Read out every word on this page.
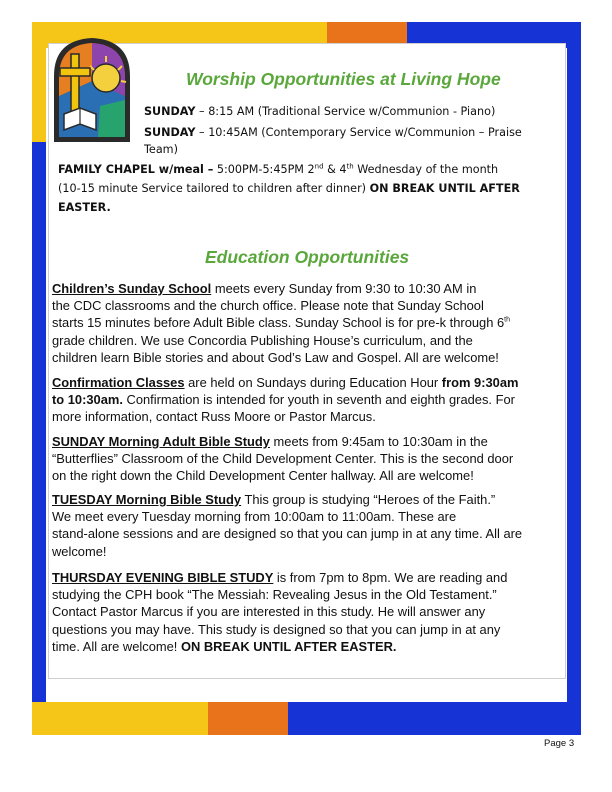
Worship Opportunities at Living Hope
SUNDAY – 8:15 AM (Traditional Service w/Communion - Piano)
SUNDAY – 10:45AM (Contemporary Service w/Communion – Praise
Team)
FAMILY CHAPEL w/meal – 5:00PM-5:45PM 2nd & 4th Wednesday of the month
(10-15 minute Service tailored to children after dinner) ON BREAK UNTIL AFTER
EASTER.
Education Opportunities
Children’s Sunday School meets every Sunday from 9:30 to 10:30 AM in
the CDC classrooms and the church office. Please note that Sunday School
starts 15 minutes before Adult Bible class. Sunday School is for pre-k through 6th
grade children. We use Concordia Publishing House’s curriculum, and the
children learn Bible stories and about God’s Law and Gospel. All are welcome!
Confirmation Classes are held on Sundays during Education Hour from 9:30am
to 10:30am. Confirmation is intended for youth in seventh and eighth grades. For
more information, contact Russ Moore or Pastor Marcus.
SUNDAY Morning Adult Bible Study meets from 9:45am to 10:30am in the
“Butterflies” Classroom of the Child Development Center. This is the second door
on the right down the Child Development Center hallway. All are welcome!
TUESDAY Morning Bible Study This group is studying “Heroes of the Faith.”
We meet every Tuesday morning from 10:00am to 11:00am. These are
stand-alone sessions and are designed so that you can jump in at any time. All are
welcome!
THURSDAY EVENING BIBLE STUDY is from 7pm to 8pm. We are reading and
studying the CPH book “The Messiah: Revealing Jesus in the Old Testament.”
Contact Pastor Marcus if you are interested in this study. He will answer any
questions you may have. This study is designed so that you can jump in at any
time. All are welcome! ON BREAK UNTIL AFTER EASTER.
Page 3
